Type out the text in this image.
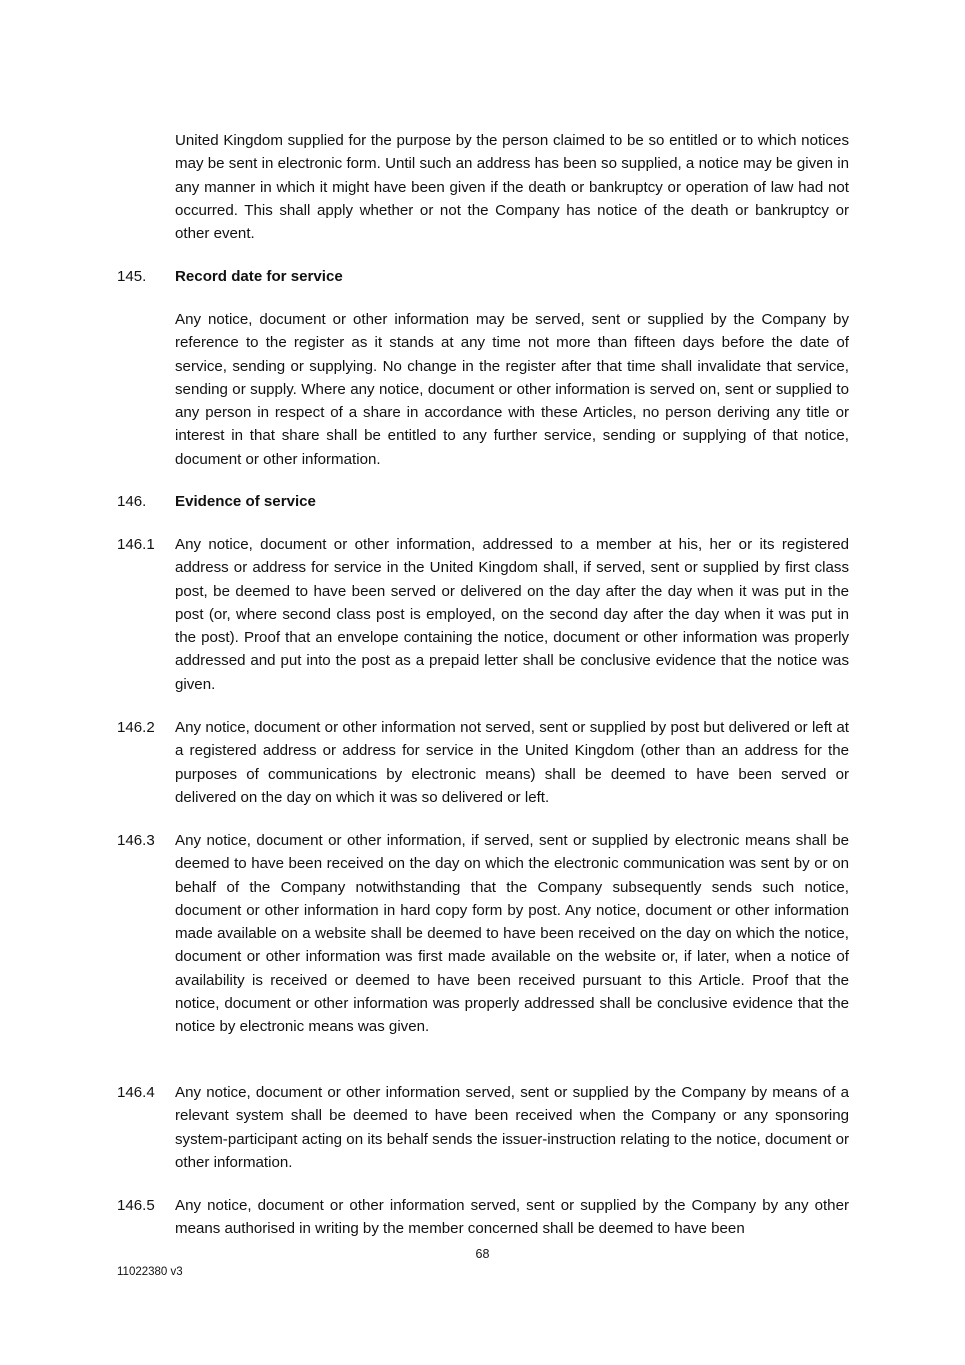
United Kingdom supplied for the purpose by the person claimed to be so entitled or to which notices may be sent in electronic form. Until such an address has been so supplied, a notice may be given in any manner in which it might have been given if the death or bankruptcy or operation of law had not occurred. This shall apply whether or not the Company has notice of the death or bankruptcy or other event.

145. Record date for service

Any notice, document or other information may be served, sent or supplied by the Company by reference to the register as it stands at any time not more than fifteen days before the date of service, sending or supplying. No change in the register after that time shall invalidate that service, sending or supply. Where any notice, document or other information is served on, sent or supplied to any person in respect of a share in accordance with these Articles, no person deriving any title or interest in that share shall be entitled to any further service, sending or supplying of that notice, document or other information.

146. Evidence of service

146.1 Any notice, document or other information, addressed to a member at his, her or its registered address or address for service in the United Kingdom shall, if served, sent or supplied by first class post, be deemed to have been served or delivered on the day after the day when it was put in the post (or, where second class post is employed, on the second day after the day when it was put in the post). Proof that an envelope containing the notice, document or other information was properly addressed and put into the post as a prepaid letter shall be conclusive evidence that the notice was given.

146.2 Any notice, document or other information not served, sent or supplied by post but delivered or left at a registered address or address for service in the United Kingdom (other than an address for the purposes of communications by electronic means) shall be deemed to have been served or delivered on the day on which it was so delivered or left.

146.3 Any notice, document or other information, if served, sent or supplied by electronic means shall be deemed to have been received on the day on which the electronic communication was sent by or on behalf of the Company notwithstanding that the Company subsequently sends such notice, document or other information in hard copy form by post. Any notice, document or other information made available on a website shall be deemed to have been received on the day on which the notice, document or other information was first made available on the website or, if later, when a notice of availability is received or deemed to have been received pursuant to this Article. Proof that the notice, document or other information was properly addressed shall be conclusive evidence that the notice by electronic means was given.

146.4 Any notice, document or other information served, sent or supplied by the Company by means of a relevant system shall be deemed to have been received when the Company or any sponsoring system-participant acting on its behalf sends the issuer-instruction relating to the notice, document or other information.

146.5 Any notice, document or other information served, sent or supplied by the Company by any other means authorised in writing by the member concerned shall be deemed to have been

68

11022380 v3
